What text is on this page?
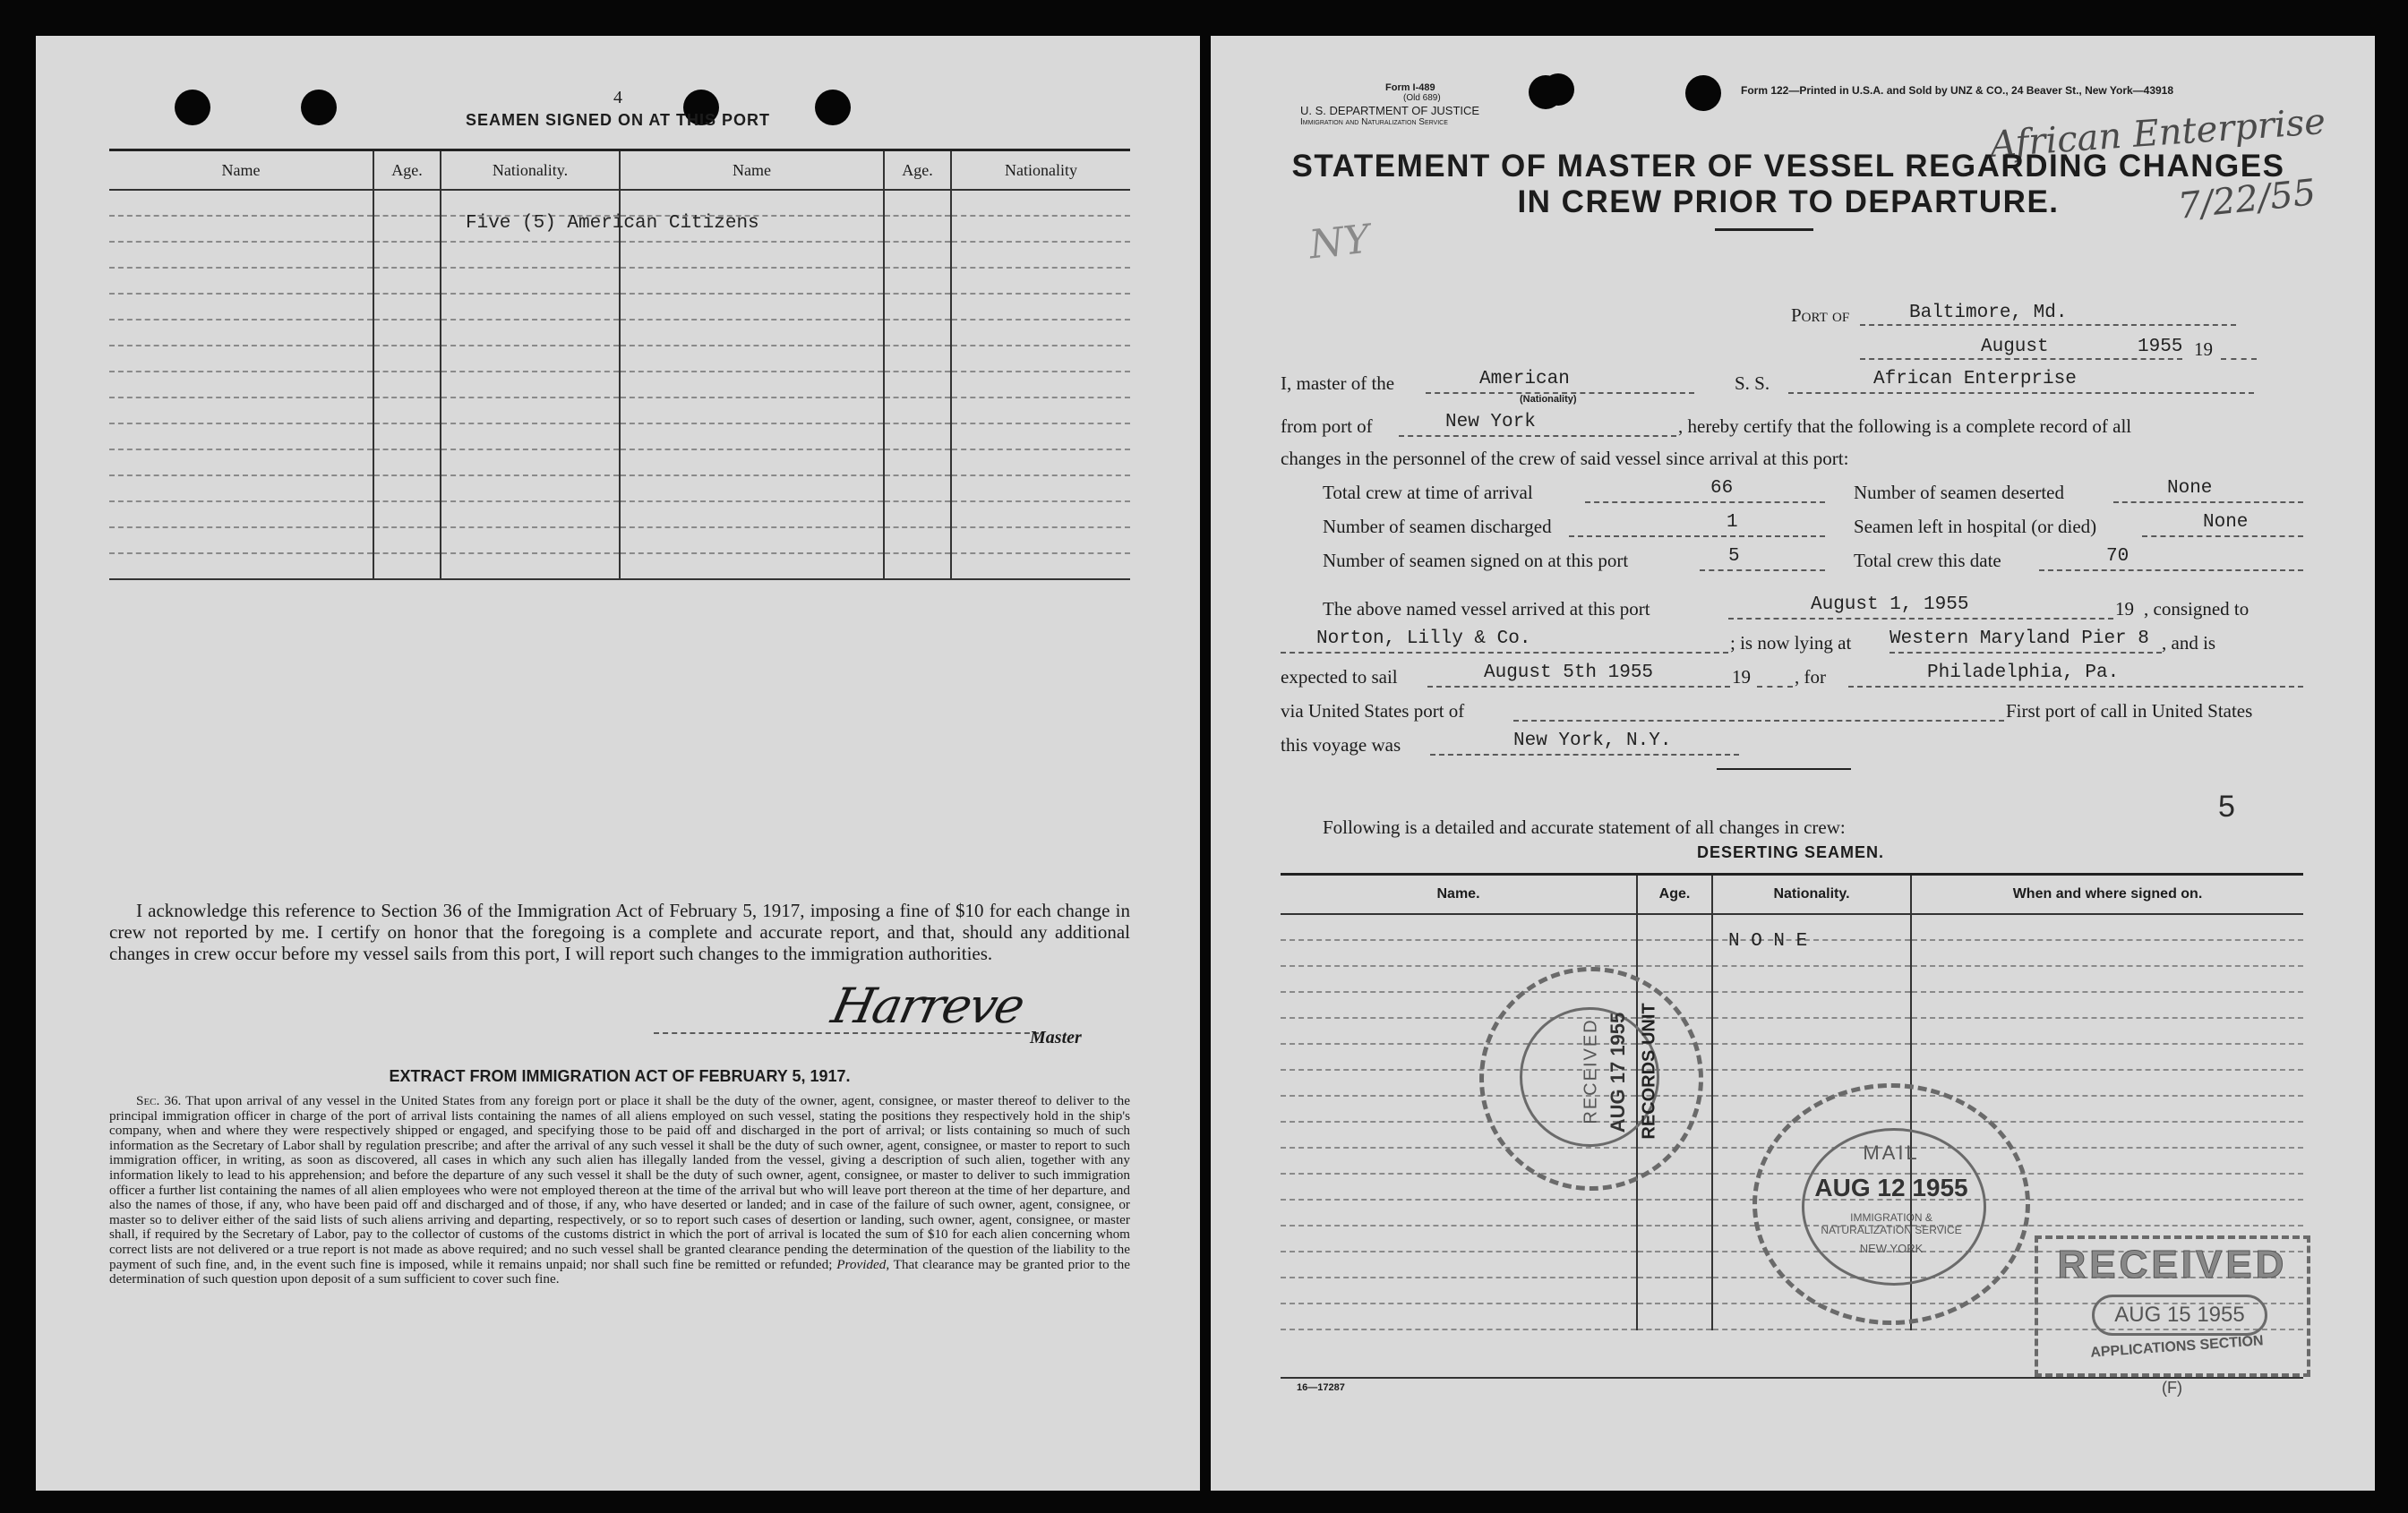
4
SEAMEN SIGNED ON AT THIS PORT
Name	Age.	Nationality.	Name	Age.	Nationality

Five (5) American Citizens
I acknowledge this reference to Section 36 of the Immigration Act of February 5, 1917, imposing a fine of $10 for each change in crew not reported by me. I certify on honor that the foregoing is a complete and accurate report, and that, should any additional changes in crew occur before my vessel sails from this port, I will report such changes to the immigration authorities.
Harreve
Master
EXTRACT FROM IMMIGRATION ACT OF FEBRUARY 5, 1917.
Sec. 36. That upon arrival of any vessel in the United States from any foreign port or place it shall be the duty of the owner, agent, consignee, or master thereof to deliver to the principal immigration officer in charge of the port of arrival lists containing the names of all aliens employed on such vessel, stating the positions they respectively hold in the ship's company, when and where they were respectively shipped or engaged, and specifying those to be paid off and discharged in the port of arrival; or lists containing so much of such information as the Secretary of Labor shall by regulation prescribe; and after the arrival of any such vessel it shall be the duty of such owner, agent, consignee, or master to report to such immigration officer, in writing, as soon as discovered, all cases in which any such alien has illegally landed from the vessel, giving a description of such alien, together with any information likely to lead to his apprehension; and before the departure of any such vessel it shall be the duty of such owner, agent, consignee, or master to deliver to such immigration officer a further list containing the names of all alien employees who were not employed thereon at the time of the arrival but who will leave port thereon at the time of her departure, and also the names of those, if any, who have been paid off and discharged and of those, if any, who have deserted or landed; and in case of the failure of such owner, agent, consignee, or master so to deliver either of the said lists of such aliens arriving and departing, respectively, or so to report such cases of desertion or landing, such owner, agent, consignee, or master shall, if required by the Secretary of Labor, pay to the collector of customs of the customs district in which the port of arrival is located the sum of $10 for each alien concerning whom correct lists are not delivered or a true report is not made as above required; and no such vessel shall be granted clearance pending the determination of the question of the liability to the payment of such fine, and, in the event such fine is imposed, while it remains unpaid; nor shall such fine be remitted or refunded; Provided, That clearance may be granted prior to the determination of such question upon deposit of a sum sufficient to cover such fine.
Form I-489
(Old 689)
U. S. DEPARTMENT OF JUSTICE
Immigration and Naturalization Service
Form 122—Printed in U.S.A. and Sold by UNZ & CO., 24 Beaver St., New York—43918
African Enterprise
7/22/55
NY
STATEMENT OF MASTER OF VESSEL REGARDING CHANGES
IN CREW PRIOR TO DEPARTURE.
Port of	Baltimore, Md.
August	1955 19
I, master of the	American
(Nationality)
S. S.	African Enterprise
from port of	New York	, hereby certify that the following is a complete record of all
changes in the personnel of the crew of said vessel since arrival at this port:
Total crew at time of arrival	66	Number of seamen deserted	None
Number of seamen discharged	1	Seamen left in hospital (or died)	None
Number of seamen signed on at this port	5	Total crew this date	70
The above named vessel arrived at this port	August 1, 1955	19 , consigned to
Norton, Lilly & Co.	; is now lying at Western Maryland Pier 8 , and is
expected to sail	August 5th 1955	19 , for	Philadelphia, Pa.
via United States port of	First port of call in United States
this voyage was	New York, N.Y.
5
Following is a detailed and accurate statement of all changes in crew:
DESERTING SEAMEN.
Name.	Age.	Nationality.	When and where signed on.

N O N E
RECEIVED AUG 17 1955 RECORDS UNIT
MAIL
AUG 12 1955
IMMIGRATION & NATURALIZATION SERVICE
NEW YORK	RECEIVED
AUG 15 1955
APPLICATIONS SECTION
16—17287	(F)
